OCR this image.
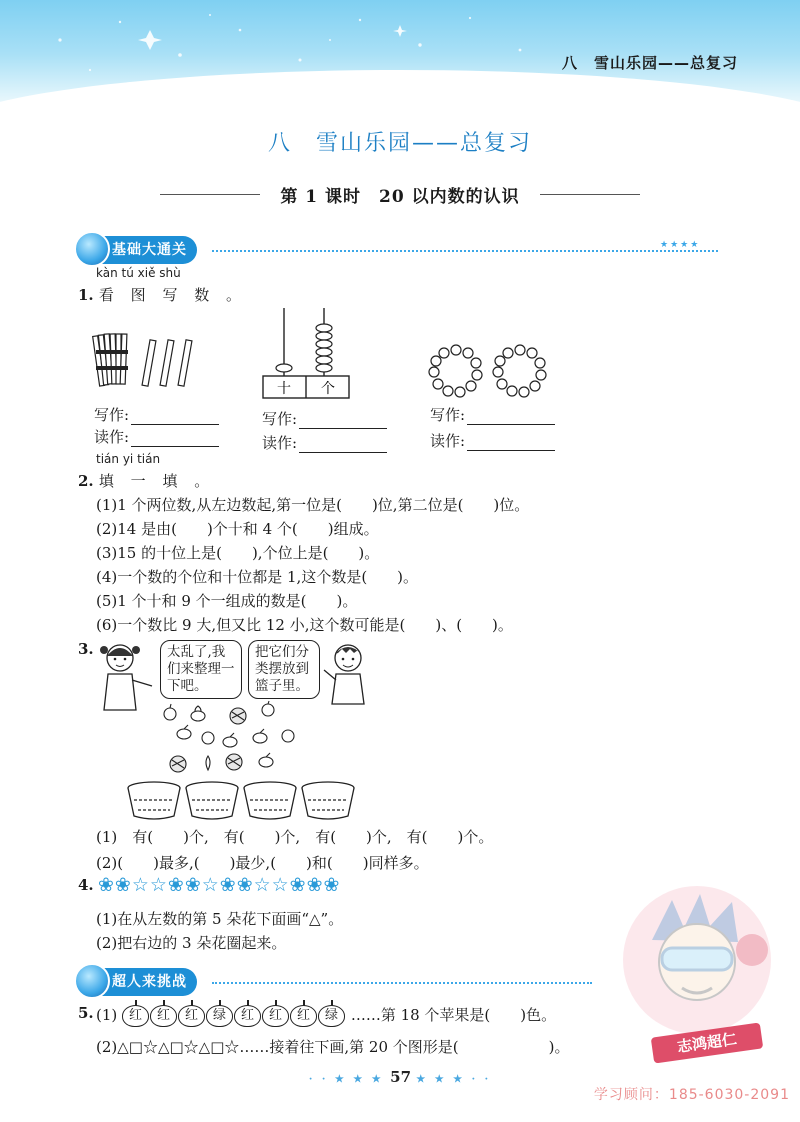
八　雪山乐园——总复习
八　雪山乐园——总复习
第 1 课时　20 以内数的认识
基础大通关	★★★★
kàn tú xiě shù
1. 看 图 写 数 。
写作:
读作:
十 个
写作:
读作:
写作:
读作:
tián yi tián
2. 填 一 填 。
(1)1 个两位数,从左边数起,第一位是(　　)位,第二位是(　　)位。
(2)14 是由(　　)个十和 4 个(　　)组成。
(3)15 的十位上是(　　),个位上是(　　)。
(4)一个数的个位和十位都是 1,这个数是(　　)。
(5)1 个十和 9 个一组成的数是(　　)。
(6)一个数比 9 大,但又比 12 小,这个数可能是(　　)、(　　)。
3.	太乱了,我
们来整理一
下吧。
把它们分
类摆放到
篮子里。
(1)　有(　　)个,　有(　　)个,　有(　　)个,　有(　　)个。
(2)(　　)最多,(　　)最少,(　　)和(　　)同样多。
4. ❀❀☆☆❀❀☆❀❀☆☆❀❀❀
(1)在从左数的第 5 朵花下面画“△”。
(2)把右边的 3 朵花圈起来。
超人来挑战
志鸿超仁
5. (1) 红 红 红 绿 红 红 红 绿 ……第 18 个苹果是(　　)色。
(2)△□☆△□☆△□☆……接着往下画,第 20 个图形是(　　　　　　)。
· · ★ ★ ★ 57 ★ ★ ★ · ·
学习顾问：185-6030-2091
